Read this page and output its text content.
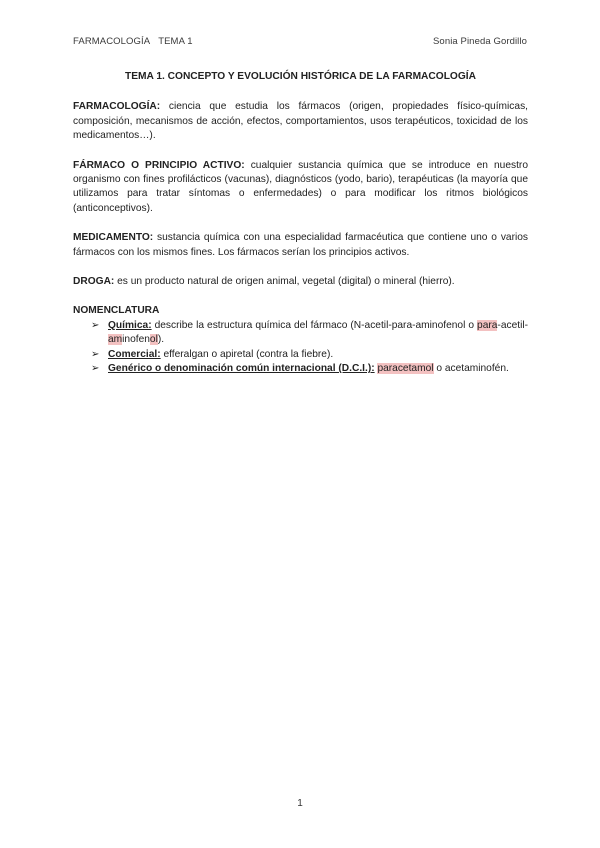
FARMACOLOGÍA TEMA 1	Sonia Pineda Gordillo
TEMA 1. CONCEPTO Y EVOLUCIÓN HISTÓRICA DE LA FARMACOLOGÍA

FARMACOLOGÍA: ciencia que estudia los fármacos (origen, propiedades físico-químicas, composición, mecanismos de acción, efectos, comportamientos, usos terapéuticos, toxicidad de los medicamentos…).

FÁRMACO O PRINCIPIO ACTIVO: cualquier sustancia química que se introduce en nuestro organismo con fines profilácticos (vacunas), diagnósticos (yodo, bario), terapéuticas (la mayoría que utilizamos para tratar síntomas o enfermedades) o para modificar los ritmos biológicos (anticonceptivos).

MEDICAMENTO: sustancia química con una especialidad farmacéutica que contiene uno o varios fármacos con los mismos fines. Los fármacos serían los principios activos.

DROGA: es un producto natural de origen animal, vegetal (digital) o mineral (hierro).

NOMENCLATURA
➢ Química: describe la estructura química del fármaco (N-acetil-para-aminofenol o para-acetil-aminofenol).
➢ Comercial: efferalgan o apiretal (contra la fiebre).
➢ Genérico o denominación común internacional (D.C.I.): paracetamol o acetaminofén.
1
